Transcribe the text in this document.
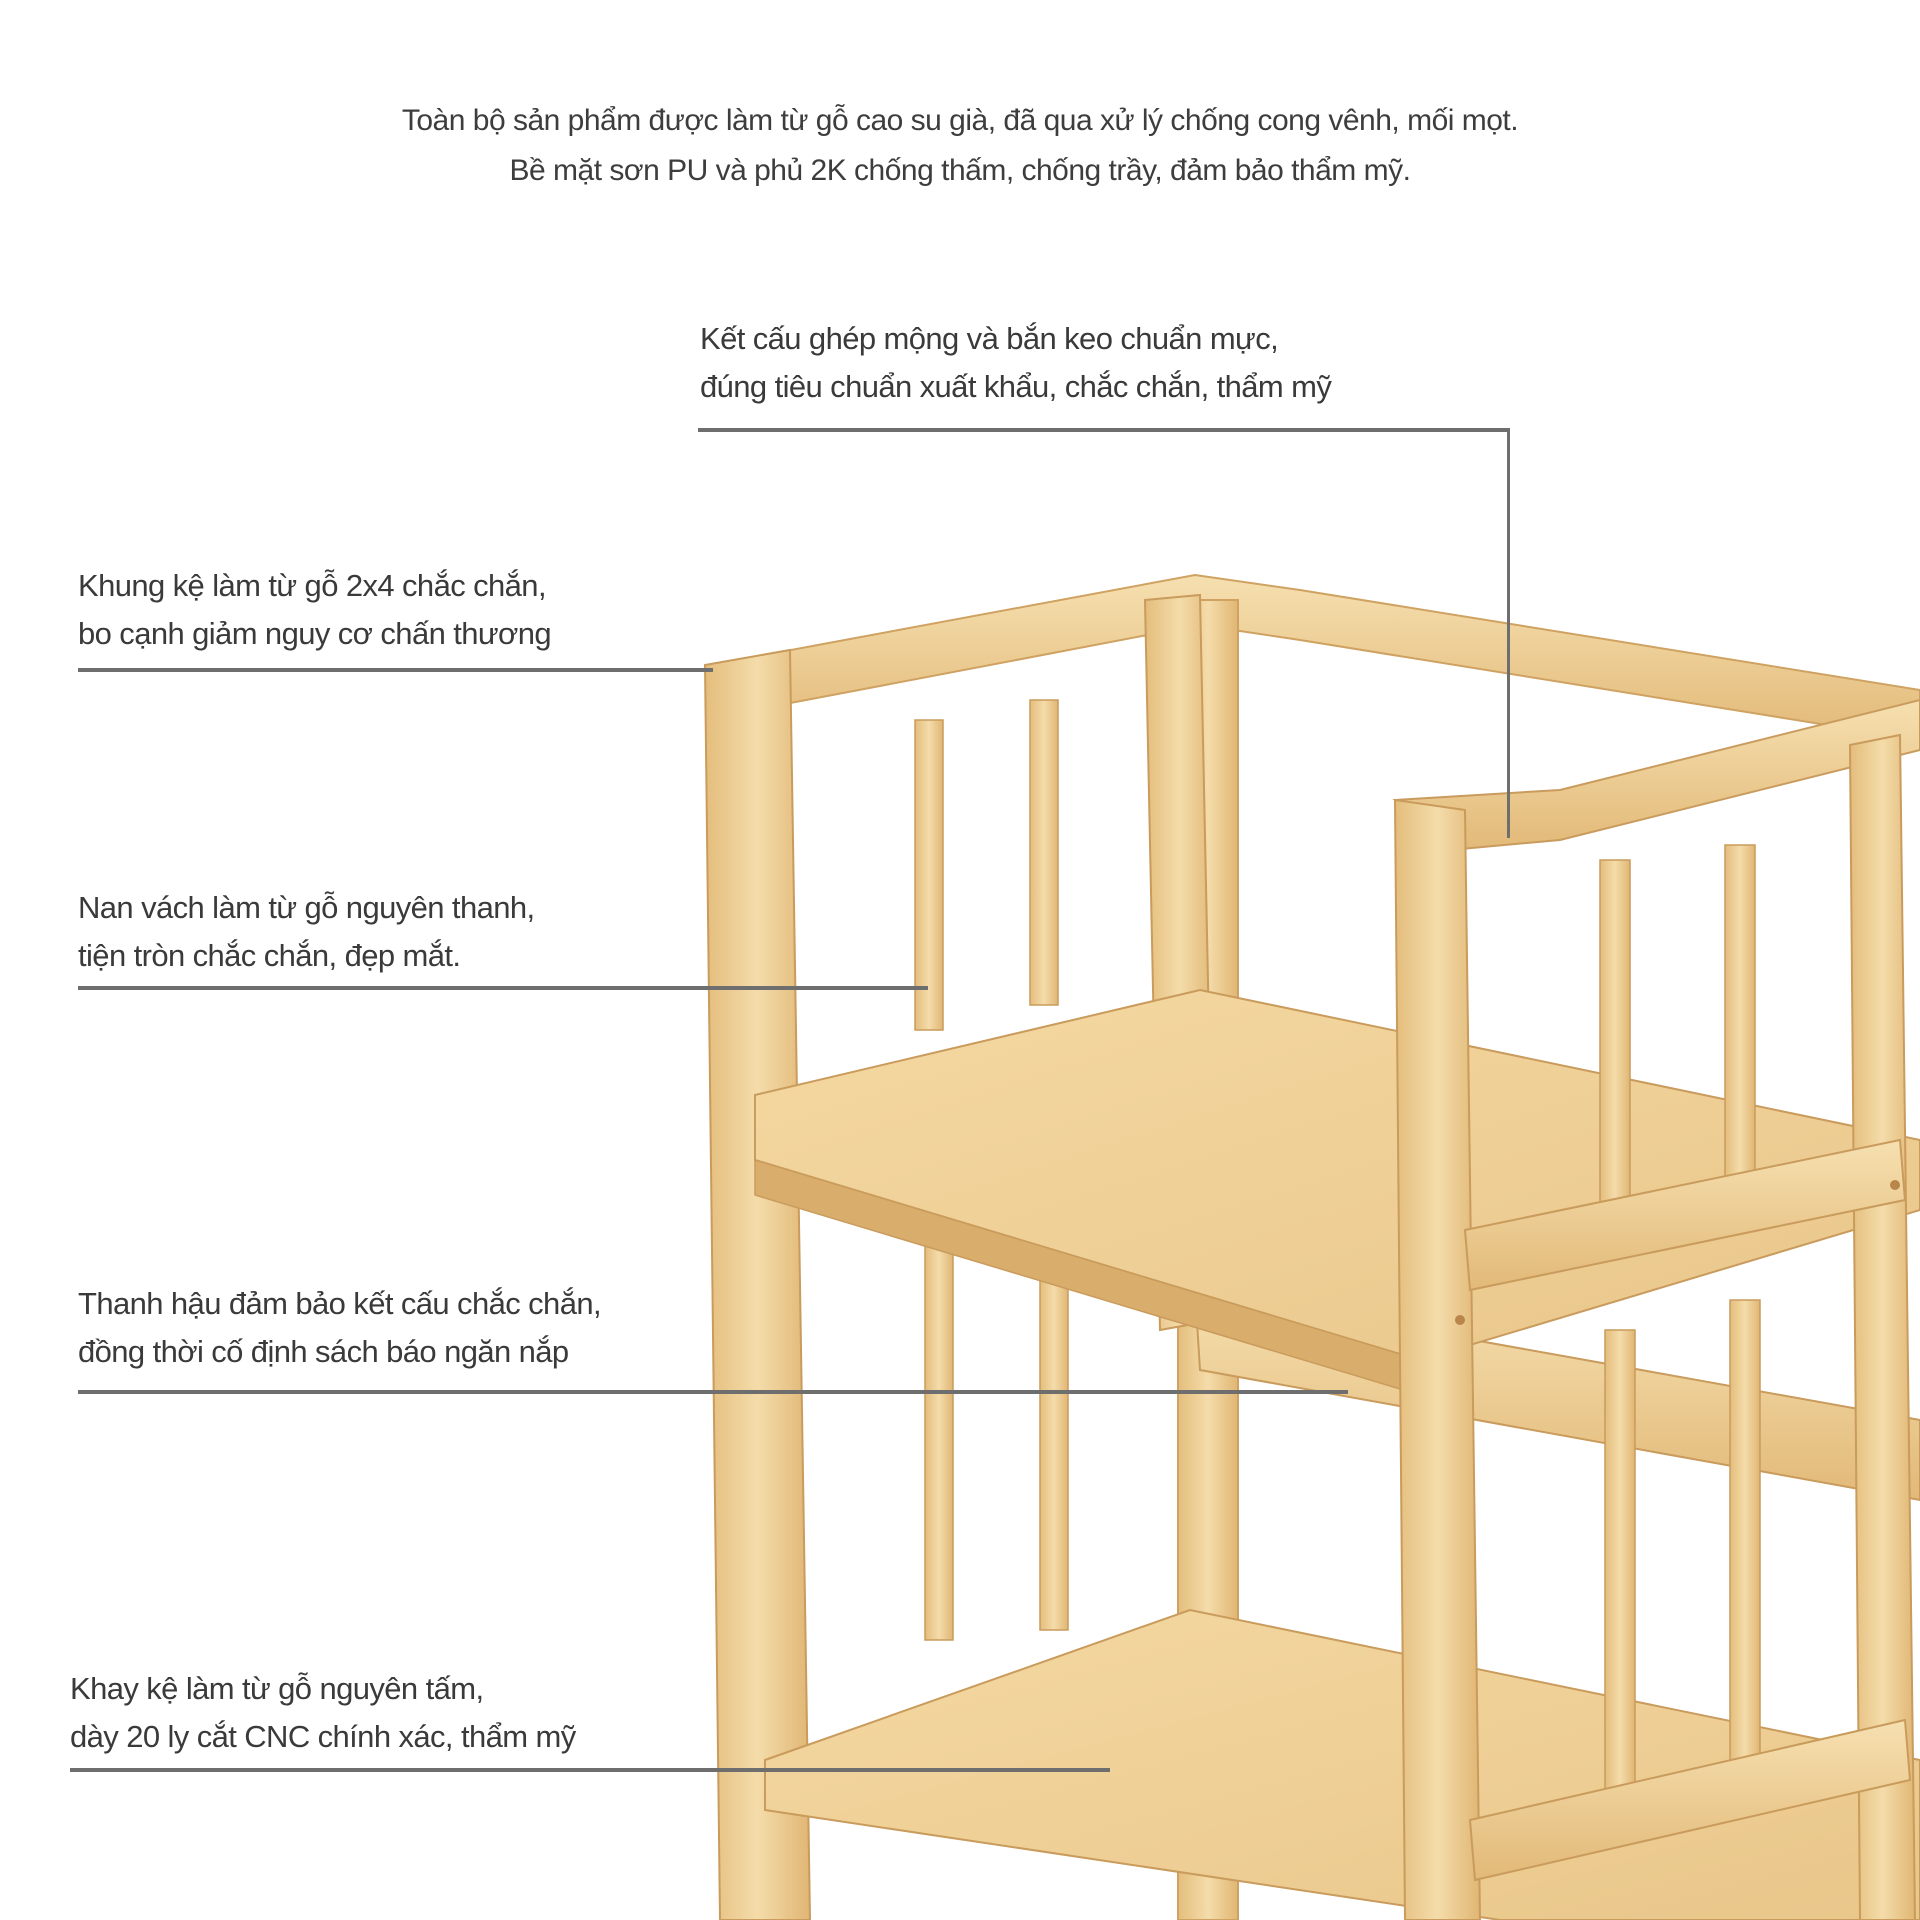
Toàn bộ sản phẩm được làm từ gỗ cao su già, đã qua xử lý chống cong vênh, mối mọt.
Bề mặt sơn PU và phủ 2K chống thấm, chống trầy, đảm bảo thẩm mỹ.
Kết cấu ghép mộng và bắn keo chuẩn mực,
đúng tiêu chuẩn xuất khẩu, chắc chắn, thẩm mỹ
Khung kệ làm từ gỗ 2x4 chắc chắn,
bo cạnh giảm nguy cơ chấn thương
Nan vách làm từ gỗ nguyên thanh,
tiện tròn chắc chắn, đẹp mắt.
Thanh hậu đảm bảo kết cấu chắc chắn,
đồng thời cố định sách báo ngăn nắp
Khay kệ làm từ gỗ nguyên tấm,
dày 20 ly cắt CNC chính xác, thẩm mỹ
